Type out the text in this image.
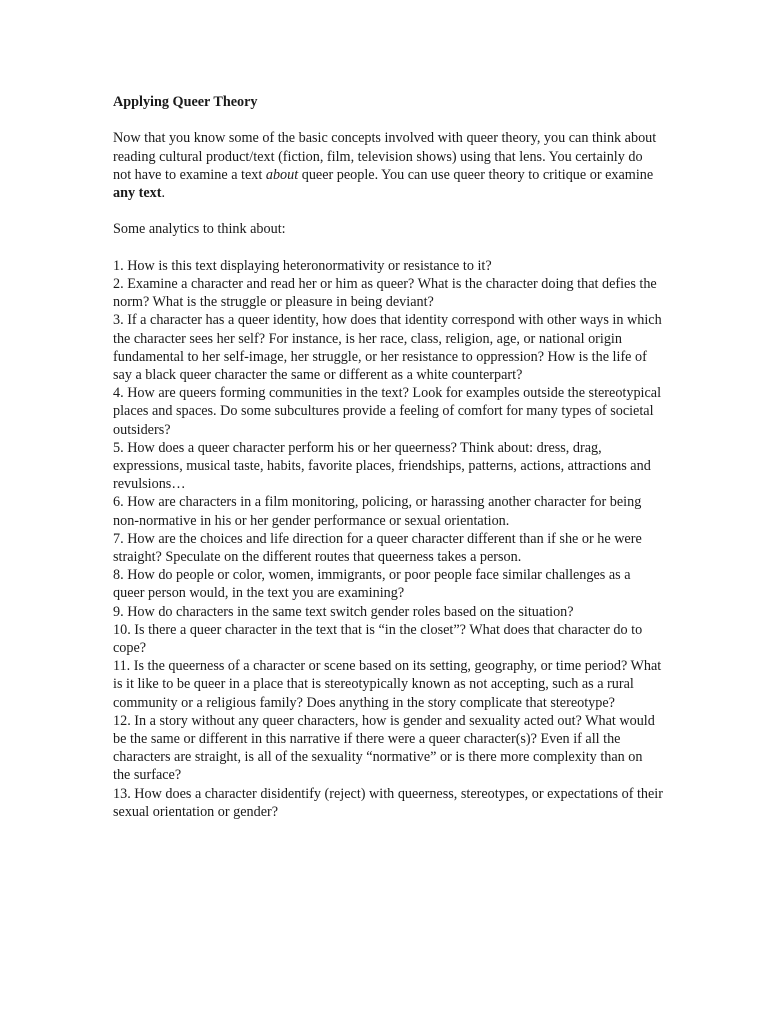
Applying Queer Theory
Now that you know some of the basic concepts involved with queer theory, you can think about reading cultural product/text (fiction, film, television shows) using that lens. You certainly do not have to examine a text about queer people. You can use queer theory to critique or examine any text.
Some analytics to think about:
1. How is this text displaying heteronormativity or resistance to it?
2. Examine a character and read her or him as queer? What is the character doing that defies the norm? What is the struggle or pleasure in being deviant?
3. If a character has a queer identity, how does that identity correspond with other ways in which the character sees her self? For instance, is her race, class, religion, age, or national origin fundamental to her self-image, her struggle, or her resistance to oppression? How is the life of say a black queer character the same or different as a white counterpart?
4. How are queers forming communities in the text? Look for examples outside the stereotypical places and spaces. Do some subcultures provide a feeling of comfort for many types of societal outsiders?
5. How does a queer character perform his or her queerness? Think about: dress, drag, expressions, musical taste, habits, favorite places, friendships, patterns, actions, attractions and revulsions…
6. How are characters in a film monitoring, policing, or harassing another character for being non-normative in his or her gender performance or sexual orientation.
7. How are the choices and life direction for a queer character different than if she or he were straight? Speculate on the different routes that queerness takes a person.
8. How do people or color, women, immigrants, or poor people face similar challenges as a queer person would, in the text you are examining?
9. How do characters in the same text switch gender roles based on the situation?
10. Is there a queer character in the text that is “in the closet”? What does that character do to cope?
11. Is the queerness of a character or scene based on its setting, geography, or time period? What is it like to be queer in a place that is stereotypically known as not accepting, such as a rural community or a religious family? Does anything in the story complicate that stereotype?
12. In a story without any queer characters, how is gender and sexuality acted out? What would be the same or different in this narrative if there were a queer character(s)? Even if all the characters are straight, is all of the sexuality “normative” or is there more complexity than on the surface?
13. How does a character disidentify (reject) with queerness, stereotypes, or expectations of their sexual orientation or gender?
